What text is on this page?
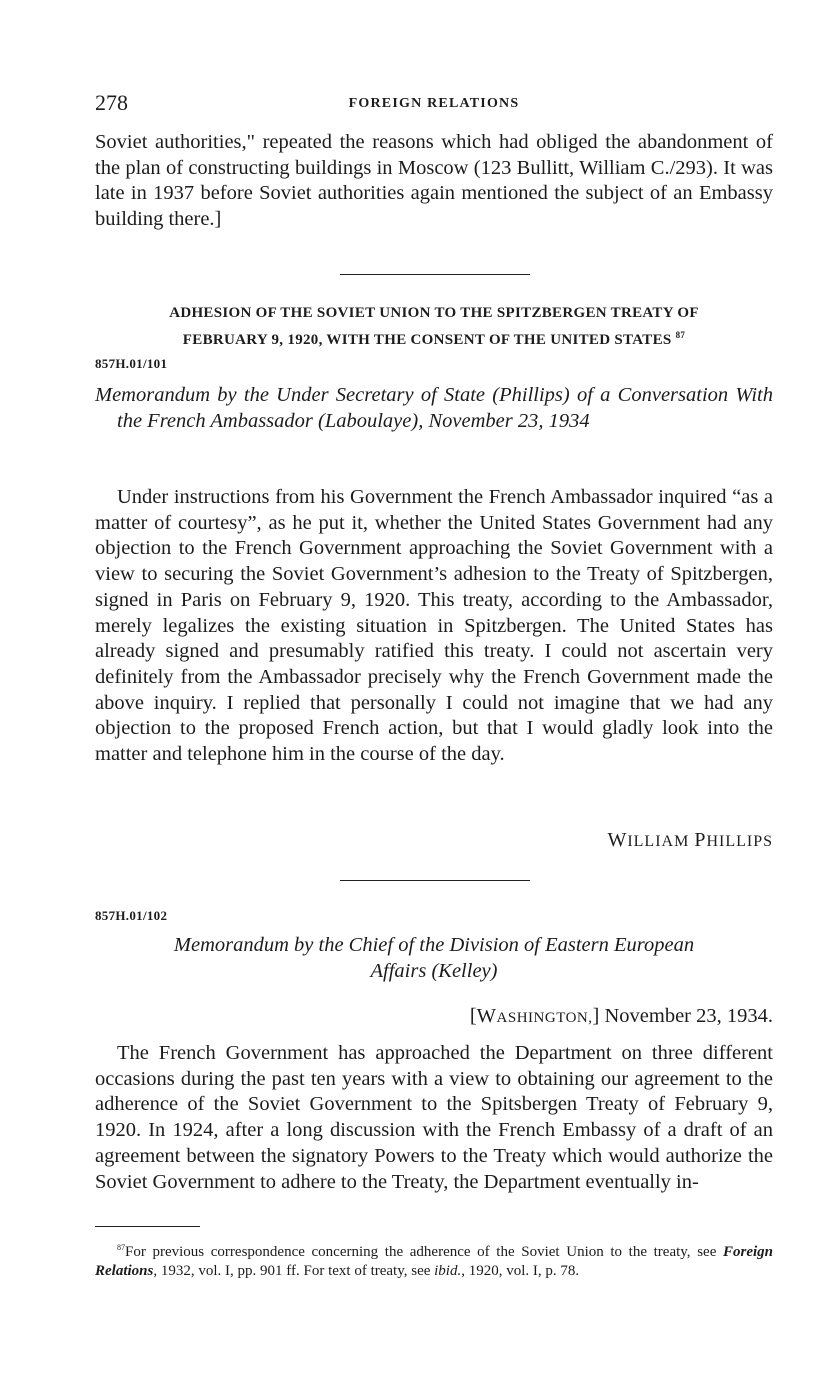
278	FOREIGN RELATIONS

Soviet authorities," repeated the reasons which had obliged the abandonment of the plan of constructing buildings in Moscow (123 Bullitt, William C./293). It was late in 1937 before Soviet authorities again mentioned the subject of an Embassy building there.]

ADHESION OF THE SOVIET UNION TO THE SPITZBERGEN TREATY OF
FEBRUARY 9, 1920, WITH THE CONSENT OF THE UNITED STATES $^{87}$
857H.01/101

Memorandum by the Under Secretary of State (Phillips) of a Conversation With the French Ambassador (Laboulaye), November 23, 1934

Under instructions from his Government the French Ambassador inquired “as a matter of courtesy”, as he put it, whether the United States Government had any objection to the French Government approaching the Soviet Government with a view to securing the Soviet Government’s adhesion to the Treaty of Spitzbergen, signed in Paris on February 9, 1920. This treaty, according to the Ambassador, merely legalizes the existing situation in Spitzbergen. The United States has already signed and presumably ratified this treaty. I could not ascertain very definitely from the Ambassador precisely why the French Government made the above inquiry. I replied that personally I could not imagine that we had any objection to the proposed French action, but that I would gladly look into the matter and telephone him in the course of the day.

WILLIAM PHILLIPS
857H.01/102
Memorandum by the Chief of the Division of Eastern European
Affairs (Kelley)
[WASHINGTON,] November 23, 1934.

The French Government has approached the Department on three different occasions during the past ten years with a view to obtaining our agreement to the adherence of the Soviet Government to the Spitsbergen Treaty of February 9, 1920. In 1924, after a long discussion with the French Embassy of a draft of an agreement between the signatory Powers to the Treaty which would authorize the Soviet Government to adhere to the Treaty, the Department eventually in-

$^{87}$For previous correspondence concerning the adherence of the Soviet Union to the treaty, see Foreign Relations, 1932, vol. I, pp. 901 ff. For text of treaty, see ibid., 1920, vol. I, p. 78.
